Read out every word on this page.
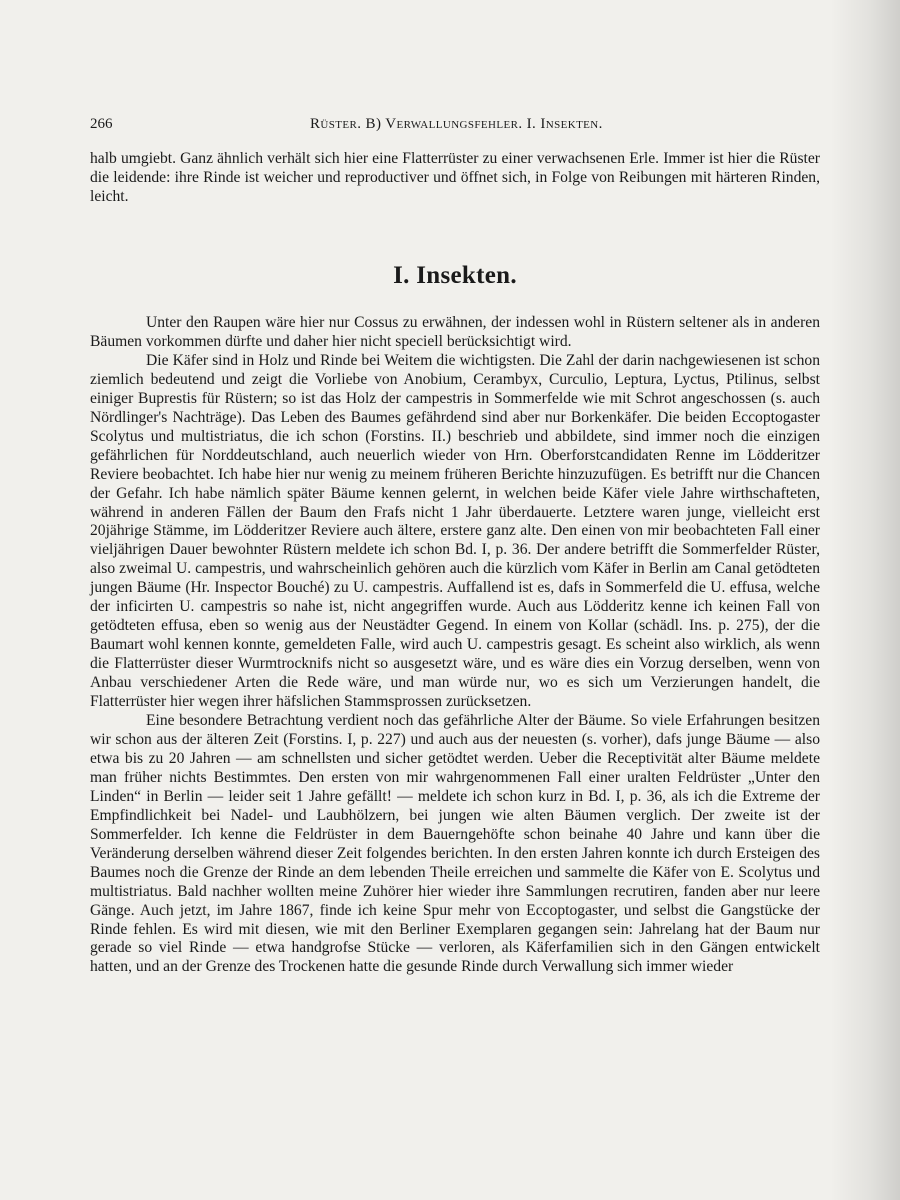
266	Rüster. B) Verwallungsfehler. I. Insekten.

halb umgiebt. Ganz ähnlich verhält sich hier eine Flatterrüster zu einer verwachsenen Erle. Immer ist hier die Rüster die leidende: ihre Rinde ist weicher und reproductiver und öffnet sich, in Folge von Reibungen mit härteren Rinden, leicht.

I. Insekten.

Unter den Raupen wäre hier nur Cossus zu erwähnen, der indessen wohl in Rüstern seltener als in anderen Bäumen vorkommen dürfte und daher hier nicht speciell berücksichtigt wird.

Die Käfer sind in Holz und Rinde bei Weitem die wichtigsten. Die Zahl der darin nachgewiesenen ist schon ziemlich bedeutend und zeigt die Vorliebe von Anobium, Cerambyx, Curculio, Leptura, Lyctus, Ptilinus, selbst einiger Buprestis für Rüstern; so ist das Holz der campestris in Sommerfelde wie mit Schrot angeschossen (s. auch Nördlinger's Nachträge). Das Leben des Baumes gefährdend sind aber nur Borkenkäfer. Die beiden Eccoptogaster Scolytus und multistriatus, die ich schon (Forstins. II.) beschrieb und abbildete, sind immer noch die einzigen gefährlichen für Norddeutschland, auch neuerlich wieder von Hrn. Oberforstcandidaten Renne im Lödderitzer Reviere beobachtet. Ich habe hier nur wenig zu meinem früheren Berichte hinzuzufügen. Es betrifft nur die Chancen der Gefahr. Ich habe nämlich später Bäume kennen gelernt, in welchen beide Käfer viele Jahre wirthschafteten, während in anderen Fällen der Baum den Frafs nicht 1 Jahr überdauerte. Letztere waren junge, vielleicht erst 20jährige Stämme, im Lödderitzer Reviere auch ältere, erstere ganz alte. Den einen von mir beobachteten Fall einer vieljährigen Dauer bewohnter Rüstern meldete ich schon Bd. I, p. 36. Der andere betrifft die Sommerfelder Rüster, also zweimal U. campestris, und wahrscheinlich gehören auch die kürzlich vom Käfer in Berlin am Canal getödteten jungen Bäume (Hr. Inspector Bouché) zu U. campestris. Auffallend ist es, dafs in Sommerfeld die U. effusa, welche der inficirten U. campestris so nahe ist, nicht angegriffen wurde. Auch aus Lödderitz kenne ich keinen Fall von getödteten effusa, eben so wenig aus der Neustädter Gegend. In einem von Kollar (schädl. Ins. p. 275), der die Baumart wohl kennen konnte, gemeldeten Falle, wird auch U. campestris gesagt. Es scheint also wirklich, als wenn die Flatterrüster dieser Wurmtrocknifs nicht so ausgesetzt wäre, und es wäre dies ein Vorzug derselben, wenn von Anbau verschiedener Arten die Rede wäre, und man würde nur, wo es sich um Verzierungen handelt, die Flatterrüster hier wegen ihrer häfslichen Stammsprossen zurücksetzen.

Eine besondere Betrachtung verdient noch das gefährliche Alter der Bäume. So viele Erfahrungen besitzen wir schon aus der älteren Zeit (Forstins. I, p. 227) und auch aus der neuesten (s. vorher), dafs junge Bäume — also etwa bis zu 20 Jahren — am schnellsten und sicher getödtet werden. Ueber die Receptivität alter Bäume meldete man früher nichts Bestimmtes. Den ersten von mir wahrgenommenen Fall einer uralten Feldrüster „Unter den Linden“ in Berlin — leider seit 1 Jahre gefällt! — meldete ich schon kurz in Bd. I, p. 36, als ich die Extreme der Empfindlichkeit bei Nadel- und Laubhölzern, bei jungen wie alten Bäumen verglich. Der zweite ist der Sommerfelder. Ich kenne die Feldrüster in dem Bauerngehöfte schon beinahe 40 Jahre und kann über die Veränderung derselben während dieser Zeit folgendes berichten. In den ersten Jahren konnte ich durch Ersteigen des Baumes noch die Grenze der Rinde an dem lebenden Theile erreichen und sammelte die Käfer von E. Scolytus und multistriatus. Bald nachher wollten meine Zuhörer hier wieder ihre Sammlungen recrutiren, fanden aber nur leere Gänge. Auch jetzt, im Jahre 1867, finde ich keine Spur mehr von Eccoptogaster, und selbst die Gangstücke der Rinde fehlen. Es wird mit diesen, wie mit den Berliner Exemplaren gegangen sein: Jahrelang hat der Baum nur gerade so viel Rinde — etwa handgrofse Stücke — verloren, als Käferfamilien sich in den Gängen entwickelt hatten, und an der Grenze des Trockenen hatte die gesunde Rinde durch Verwallung sich immer wieder
